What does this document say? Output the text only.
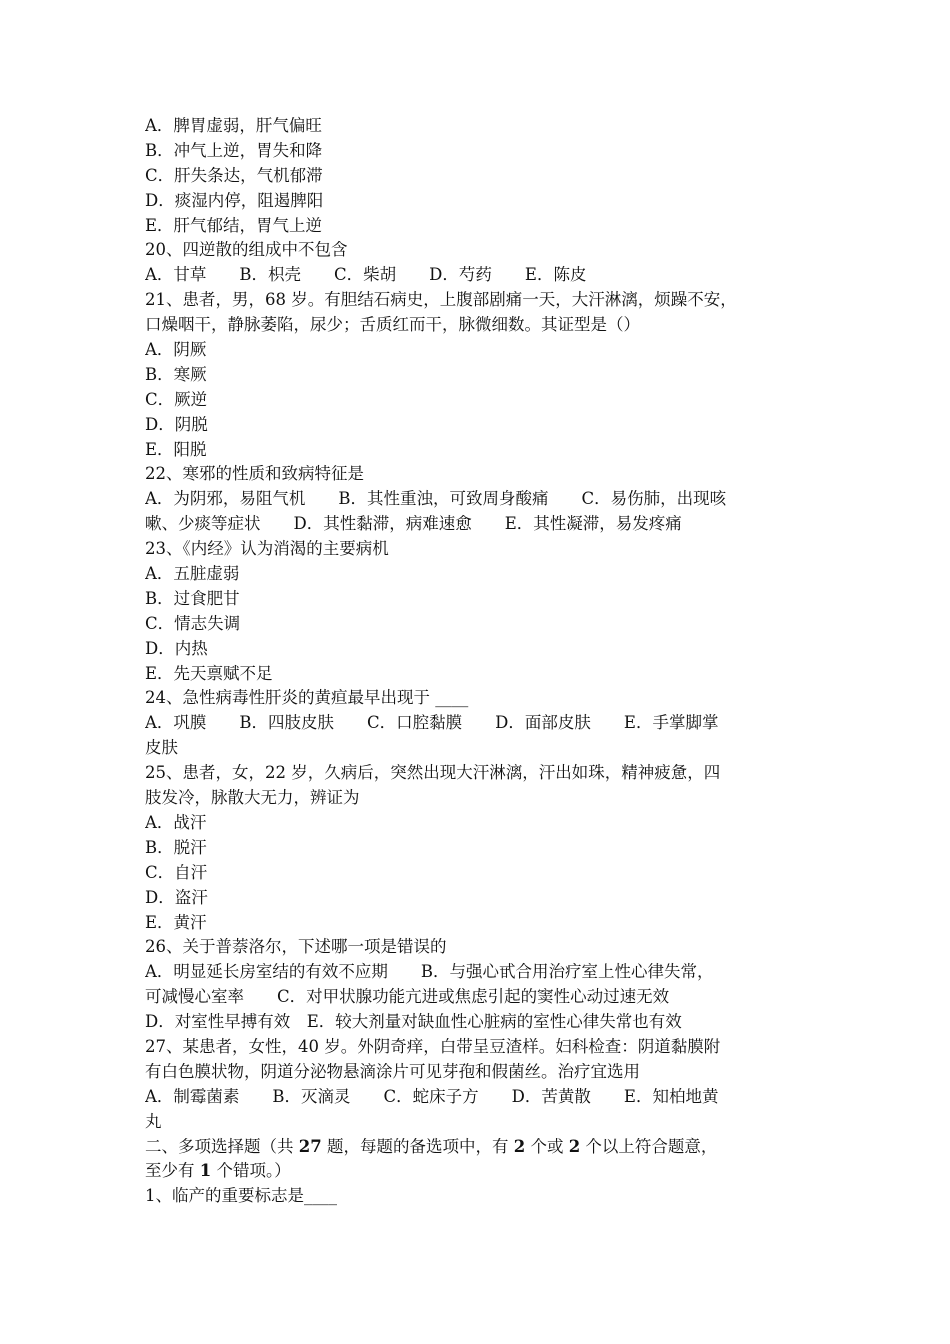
A．脾胃虚弱，肝气偏旺
B．冲气上逆，胃失和降
C．肝失条达，气机郁滞
D．痰湿内停，阻遏脾阳
E．肝气郁结，胃气上逆
20、四逆散的组成中不包含
A．甘草　　B．枳壳　　C．柴胡　　D．芍药　　E．陈皮
21、患者，男，68 岁。有胆结石病史，上腹部剧痛一天，大汗淋漓，烦躁不安，
口燥咽干，静脉萎陷，尿少；舌质红而干，脉微细数。其证型是（）
A．阴厥
B．寒厥
C．厥逆
D．阴脱
E．阳脱
22、寒邪的性质和致病特征是
A．为阴邪，易阻气机　　B．其性重浊，可致周身酸痛　　C．易伤肺，出现咳
嗽、少痰等症状　　D．其性黏滞，病难速愈　　E．其性凝滞，易发疼痛
23、《内经》认为消渴的主要病机
A．五脏虚弱
B．过食肥甘
C．情志失调
D．内热
E．先天禀赋不足
24、急性病毒性肝炎的黄疸最早出现于 ____
A．巩膜　　B．四肢皮肤　　C．口腔黏膜　　D．面部皮肤　　E．手掌脚掌
皮肤
25、患者，女，22 岁，久病后，突然出现大汗淋漓，汗出如珠，精神疲惫，四
肢发冷，脉散大无力，辨证为
A．战汗
B．脱汗
C．自汗
D．盗汗
E．黄汗
26、关于普萘洛尔，下述哪一项是错误的
A．明显延长房室结的有效不应期　　B．与强心甙合用治疗室上性心律失常，
可减慢心室率　　C．对甲状腺功能亢进或焦虑引起的窦性心动过速无效
D．对室性早搏有效　E．较大剂量对缺血性心脏病的室性心律失常也有效
27、某患者，女性，40 岁。外阴奇痒，白带呈豆渣样。妇科检查：阴道黏膜附
有白色膜状物，阴道分泌物悬滴涂片可见芽孢和假菌丝。治疗宜选用
A．制霉菌素　　B．灭滴灵　　C．蛇床子方　　D．苦黄散　　E．知柏地黄
丸
二、多项选择题（共 27 题，每题的备选项中，有 2 个或 2 个以上符合题意，
至少有 1 个错项。）
1、临产的重要标志是____
